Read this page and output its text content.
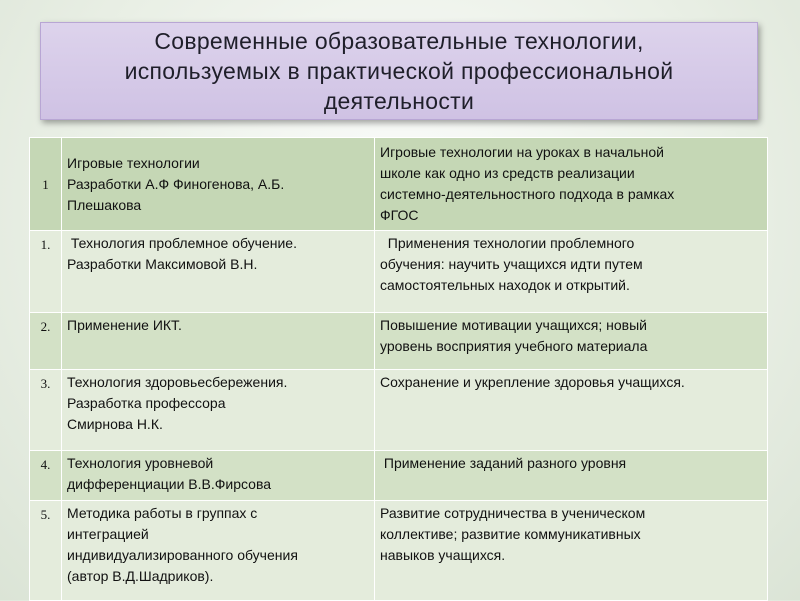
Современные образовательные технологии,
используемых в практической профессиональной
деятельности
1	Игровые технологии
Разработки А.Ф Финогенова, А.Б.
Плешакова	Игровые технологии на уроках в начальной
школе как одно из средств реализации
системно-деятельностного подхода в рамках
ФГОС

1.	Технология проблемное обучение.
Разработки Максимовой В.Н.	Применения технологии проблемного
обучения: научить учащихся идти путем
самостоятельных находок и открытий.

2.	Применение ИКТ.	Повышение мотивации учащихся; новый
уровень восприятия учебного материала

3.	Технология здоровьесбережения.
Разработка профессора
Смирнова Н.К.	Сохранение и укрепление здоровья учащихся.

4.	Технология уровневой
дифференциации В.В.Фирсова	Применение заданий разного уровня

5.	Методика работы в группах с
интеграцией
индивидуализированного обучения
(автор В.Д.Шадриков).	Развитие сотрудничества в ученическом
коллективе; развитие коммуникативных
навыков учащихся.
